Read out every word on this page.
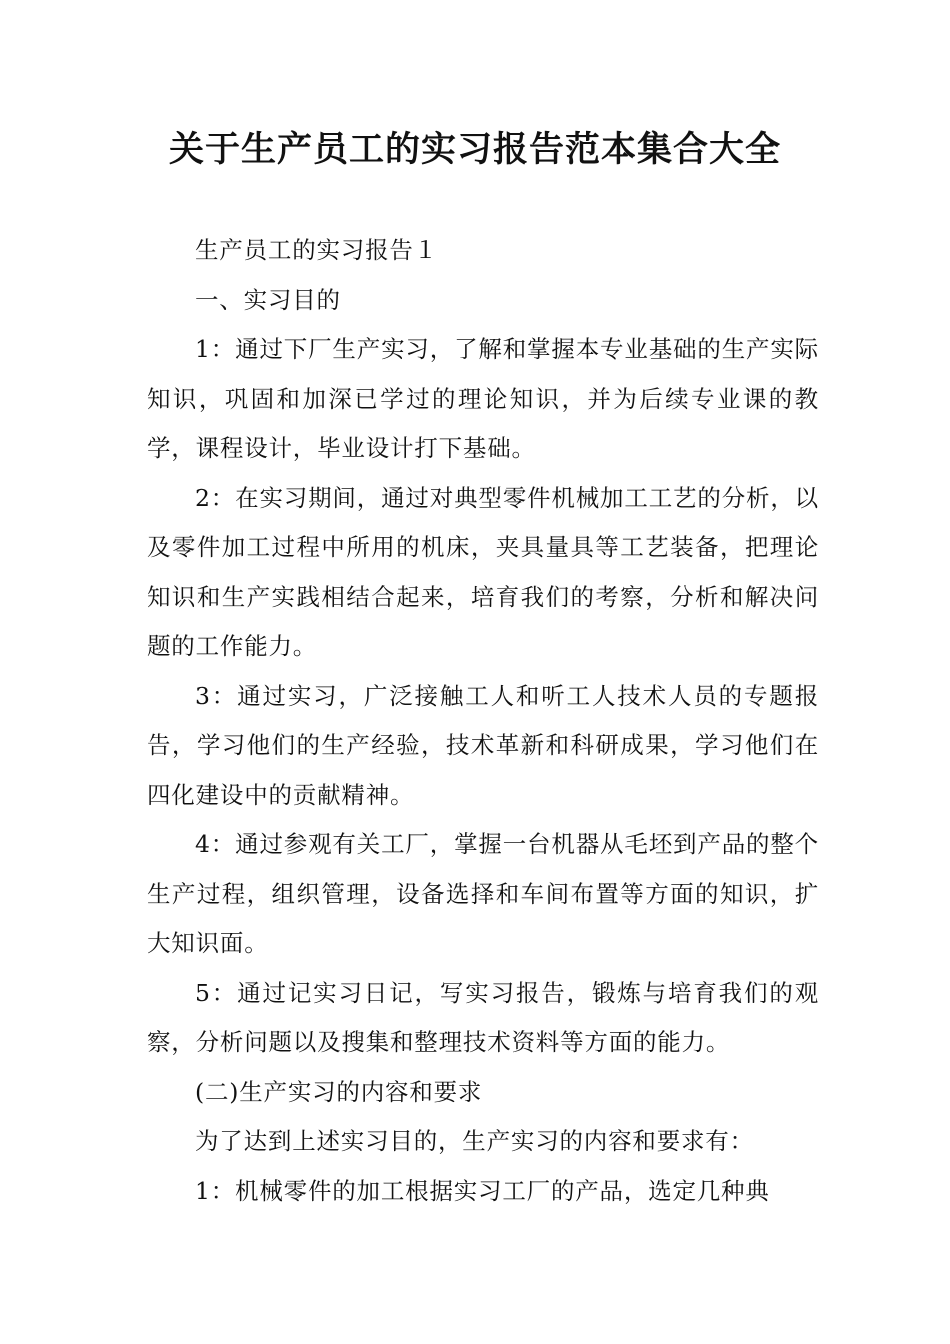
关于生产员工的实习报告范本集合大全

生产员工的实习报告１

一、实习目的

1：通过下厂生产实习，了解和掌握本专业基础的生产实际知识，巩固和加深已学过的理论知识，并为后续专业课的教学，课程设计，毕业设计打下基础。

2：在实习期间，通过对典型零件机械加工工艺的分析，以及零件加工过程中所用的机床，夹具量具等工艺装备，把理论知识和生产实践相结合起来，培育我们的考察，分析和解决问题的工作能力。

3：通过实习，广泛接触工人和听工人技术人员的专题报告，学习他们的生产经验，技术革新和科研成果，学习他们在四化建设中的贡献精神。

4：通过参观有关工厂，掌握一台机器从毛坯到产品的整个生产过程，组织管理，设备选择和车间布置等方面的知识，扩大知识面。

5：通过记实习日记，写实习报告，锻炼与培育我们的观察，分析问题以及搜集和整理技术资料等方面的能力。

(二)生产实习的内容和要求

为了达到上述实习目的，生产实习的内容和要求有：

1：机械零件的加工根据实习工厂的产品，选定几种典
